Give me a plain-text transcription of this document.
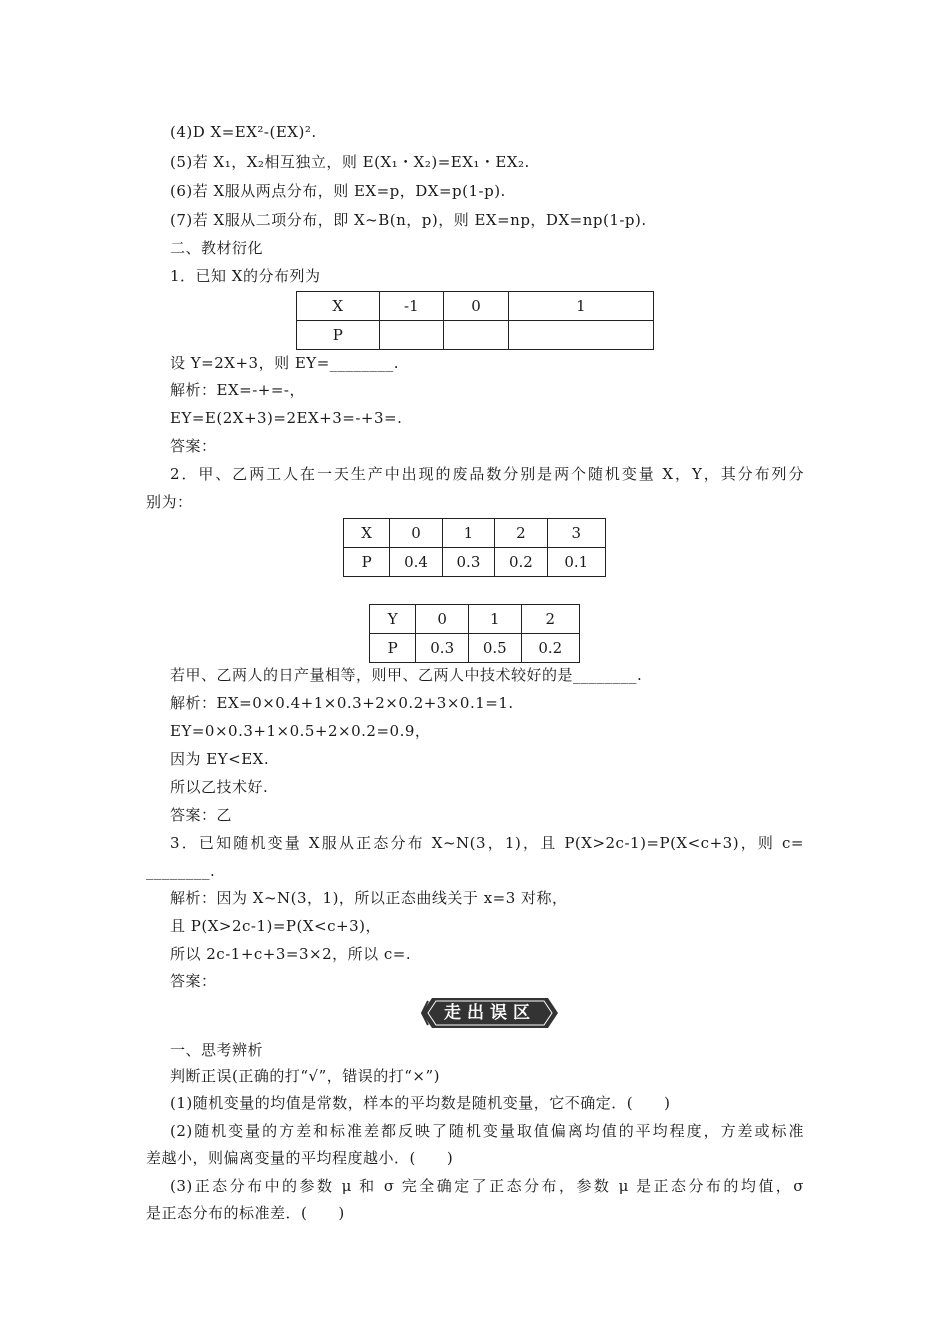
(4)D X=EX²-(EX)².
(5)若 X₁，X₂相互独立，则 E(X₁・X₂)=EX₁・EX₂.
(6)若 X服从两点分布，则 EX=p，DX=p(1-p).
(7)若 X服从二项分布，即 X~B(n，p)，则 EX=np，DX=np(1-p).
二、教材衍化
1．已知 X的分布列为
X	-1	0	1
P			
设 Y=2X+3，则 EY=________.
解析：EX=-+=-，
EY=E(2X+3)=2EX+3=-+3=.
答案：
2．甲、乙两工人在一天生产中出现的废品数分别是两个随机变量 X，Y，其分布列分
别为：
X	0	1	2	3
P	0.4	0.3	0.2	0.1
Y	0	1	2
P	0.3	0.5	0.2
若甲、乙两人的日产量相等，则甲、乙两人中技术较好的是________.
解析：EX=0×0.4+1×0.3+2×0.2+3×0.1=1.
EY=0×0.3+1×0.5+2×0.2=0.9，
因为 EY<EX.
所以乙技术好.
答案：乙
3．已知随机变量 X服从正态分布 X~N(3，1)，且 P(X>2c-1)=P(X<c+3)，则 c=
________.
解析：因为 X~N(3，1)，所以正态曲线关于 x=3 对称，
且 P(X>2c-1)=P(X<c+3)，
所以 2c-1+c+3=3×2，所以 c=.
答案：
走出误区
一、思考辨析
判断正误(正确的打“√”，错误的打“×”)
(1)随机变量的均值是常数，样本的平均数是随机变量，它不确定．(　　)
(2)随机变量的方差和标准差都反映了随机变量取值偏离均值的平均程度，方差或标准
差越小，则偏离变量的平均程度越小．(　　)
(3)正态分布中的参数 μ 和 σ 完全确定了正态分布，参数 μ 是正态分布的均值，σ
是正态分布的标准差．(　　)
